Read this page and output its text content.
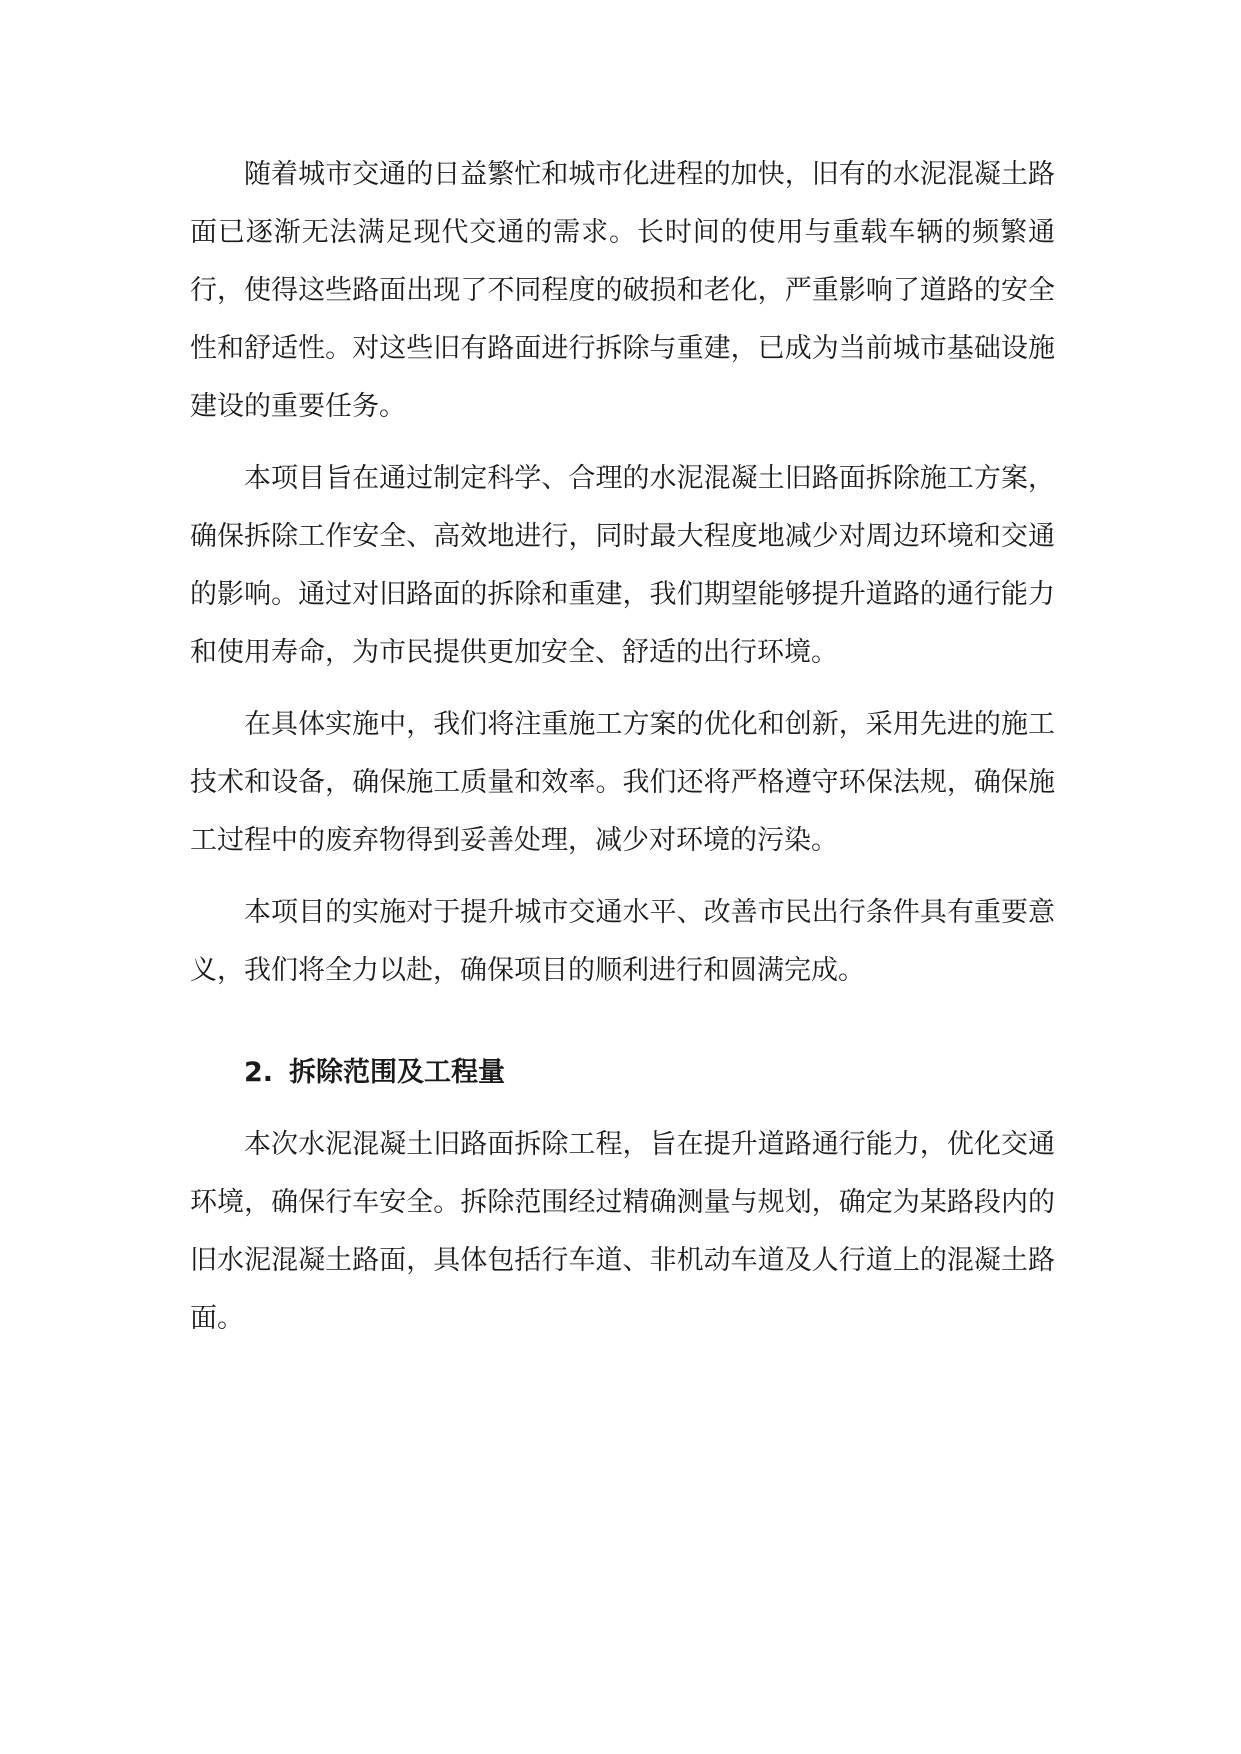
随着城市交通的日益繁忙和城市化进程的加快，旧有的水泥混凝土路面已逐渐无法满足现代交通的需求。长时间的使用与重载车辆的频繁通行，使得这些路面出现了不同程度的破损和老化，严重影响了道路的安全性和舒适性。对这些旧有路面进行拆除与重建，已成为当前城市基础设施建设的重要任务。

本项目旨在通过制定科学、合理的水泥混凝土旧路面拆除施工方案，确保拆除工作安全、高效地进行，同时最大程度地减少对周边环境和交通的影响。通过对旧路面的拆除和重建，我们期望能够提升道路的通行能力和使用寿命，为市民提供更加安全、舒适的出行环境。

在具体实施中，我们将注重施工方案的优化和创新，采用先进的施工技术和设备，确保施工质量和效率。我们还将严格遵守环保法规，确保施工过程中的废弃物得到妥善处理，减少对环境的污染。

本项目的实施对于提升城市交通水平、改善市民出行条件具有重要意义，我们将全力以赴，确保项目的顺利进行和圆满完成。

2. 拆除范围及工程量

本次水泥混凝土旧路面拆除工程，旨在提升道路通行能力，优化交通环境，确保行车安全。拆除范围经过精确测量与规划，确定为某路段内的旧水泥混凝土路面，具体包括行车道、非机动车道及人行道上的混凝土路面。
